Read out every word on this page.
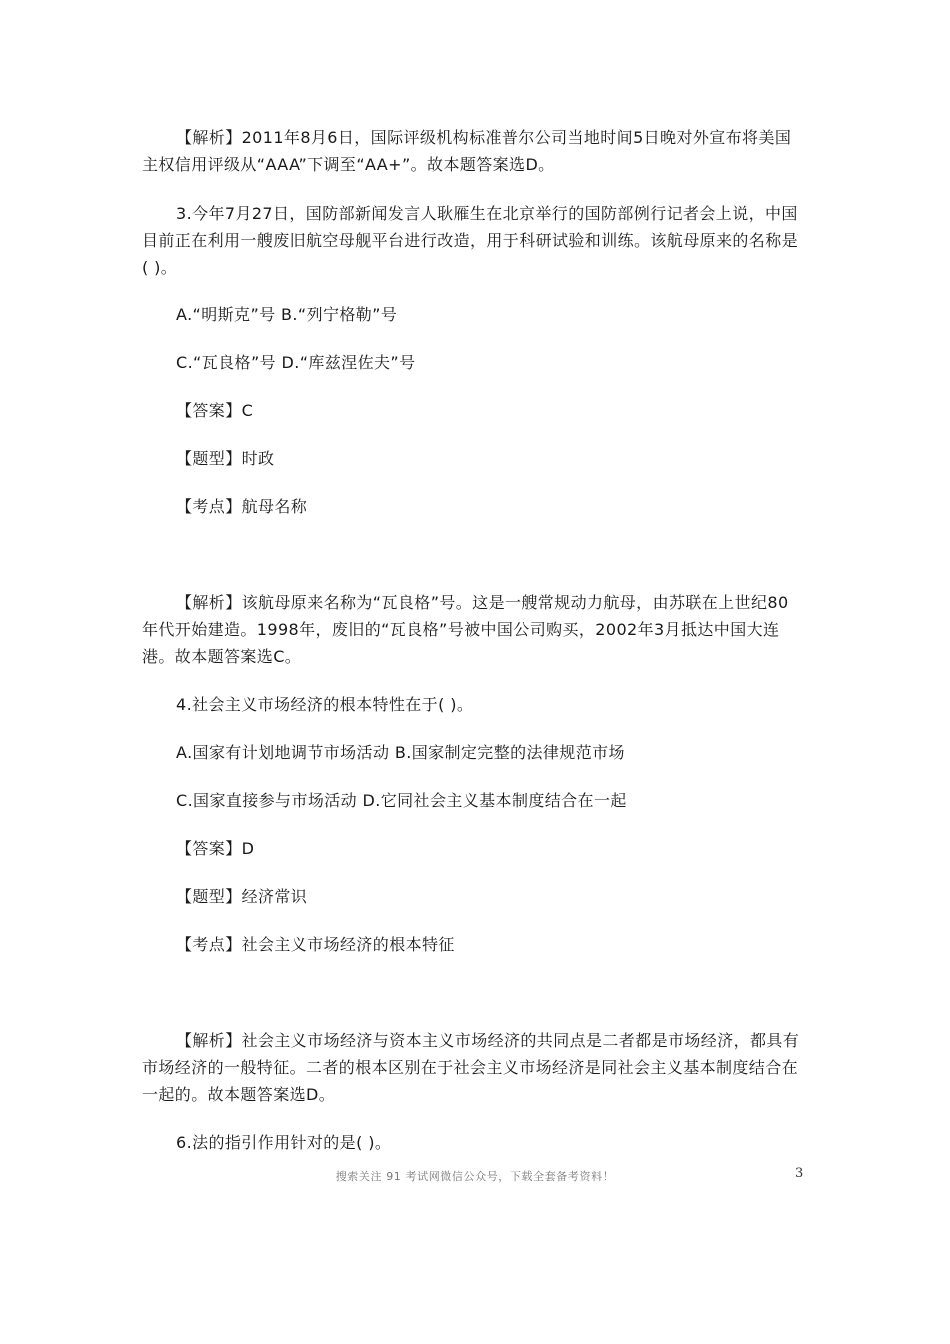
【解析】2011年8月6日，国际评级机构标准普尔公司当地时间5日晚对外宣布将美国主权信用评级从“AAA”下调至“AA+”。故本题答案选D。

3.今年7月27日，国防部新闻发言人耿雁生在北京举行的国防部例行记者会上说，中国目前正在利用一艘废旧航空母舰平台进行改造，用于科研试验和训练。该航母原来的名称是( )。

A.“明斯克”号 B.“列宁格勒”号

C.“瓦良格”号 D.“库兹涅佐夫”号

【答案】C

【题型】时政

【考点】航母名称

【解析】该航母原来名称为“瓦良格”号。这是一艘常规动力航母，由苏联在上世纪80年代开始建造。1998年，废旧的“瓦良格”号被中国公司购买，2002年3月抵达中国大连港。故本题答案选C。

4.社会主义市场经济的根本特性在于( )。

A.国家有计划地调节市场活动 B.国家制定完整的法律规范市场

C.国家直接参与市场活动 D.它同社会主义基本制度结合在一起

【答案】D

【题型】经济常识

【考点】社会主义市场经济的根本特征

【解析】社会主义市场经济与资本主义市场经济的共同点是二者都是市场经济，都具有市场经济的一般特征。二者的根本区别在于社会主义市场经济是同社会主义基本制度结合在一起的。故本题答案选D。

6.法的指引作用针对的是( )。

搜索关注 91 考试网微信公众号，下载全套备考资料！	3
